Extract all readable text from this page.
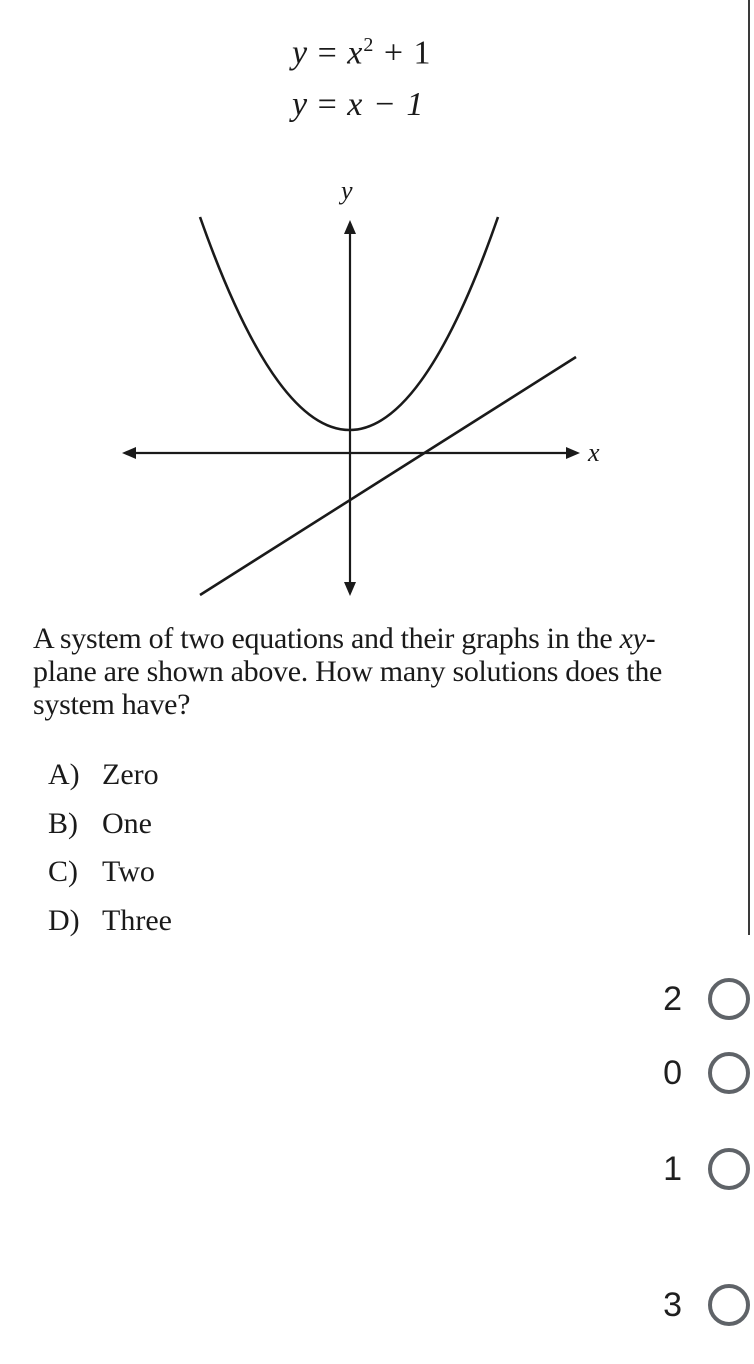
$y = x^2 + 1$
y = x − 1
x
y
A system of two equations and their graphs in the xy-plane are shown above. How many solutions does the system have?
A) Zero
B) One
C) Two
D) Three
2
0
1
3
